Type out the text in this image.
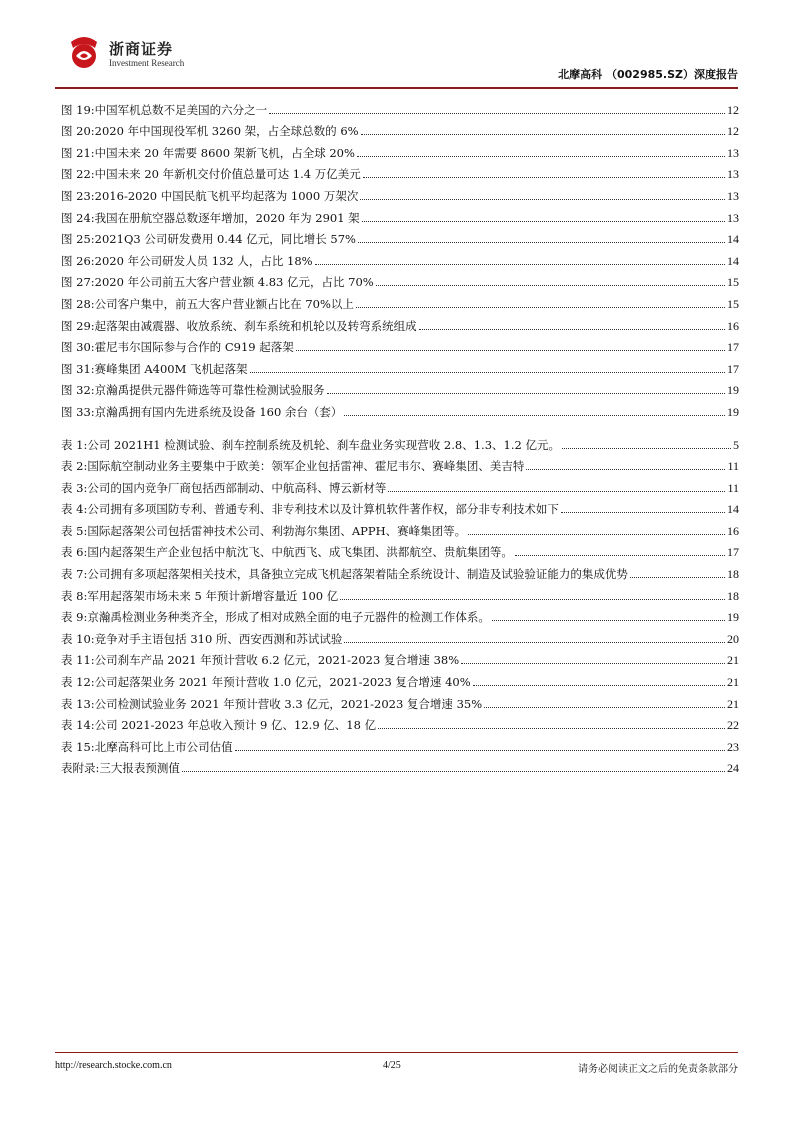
浙商证券
Investment Research
北摩高科 （002985.SZ）深度报告
图 19: 中国军机总数不足美国的六分之一	12
图 20: 2020 年中国现役军机 3260 架，占全球总数的 6%	12
图 21: 中国未来 20 年需要 8600 架新飞机，占全球 20%	13
图 22: 中国未来 20 年新机交付价值总量可达 1.4 万亿美元	13
图 23: 2016-2020 中国民航飞机平均起落为 1000 万架次	13
图 24: 我国在册航空器总数逐年增加，2020 年为 2901 架	13
图 25: 2021Q3 公司研发费用 0.44 亿元，同比增长 57%	14
图 26: 2020 年公司研发人员 132 人，占比 18%	14
图 27: 2020 年公司前五大客户营业额 4.83 亿元，占比 70%	15
图 28: 公司客户集中，前五大客户营业额占比在 70%以上	15
图 29: 起落架由减震器、收放系统、刹车系统和机轮以及转弯系统组成	16
图 30: 霍尼韦尔国际参与合作的 C919 起落架	17
图 31: 赛峰集团 A400M 飞机起落架	17
图 32: 京瀚禹提供元器件筛选等可靠性检测试验服务	19
图 33: 京瀚禹拥有国内先进系统及设备 160 余台（套）	19
表 1: 公司 2021H1 检测试验、刹车控制系统及机轮、刹车盘业务实现营收 2.8、1.3、1.2 亿元。	5
表 2: 国际航空制动业务主要集中于欧美：领军企业包括雷神、霍尼韦尔、赛峰集团、美吉特	11
表 3: 公司的国内竞争厂商包括西部制动、中航高科、博云新材等	11
表 4: 公司拥有多项国防专利、普通专利、非专利技术以及计算机软件著作权，部分非专利技术如下	14
表 5: 国际起落架公司包括雷神技术公司、利勃海尔集团、APPH、赛峰集团等。	16
表 6: 国内起落架生产企业包括中航沈飞、中航西飞、成飞集团、洪都航空、贵航集团等。	17
表 7: 公司拥有多项起落架相关技术，具备独立完成飞机起落架着陆全系统设计、制造及试验验证能力的集成优势	18
表 8: 军用起落架市场未来 5 年预计新增容量近 100 亿	18
表 9: 京瀚禹检测业务种类齐全，形成了相对成熟全面的电子元器件的检测工作体系。	19
表 10: 竞争对手主语包括 310 所、西安西测和苏试试验	20
表 11: 公司刹车产品 2021 年预计营收 6.2 亿元，2021-2023 复合增速 38%	21
表 12: 公司起落架业务 2021 年预计营收 1.0 亿元，2021-2023 复合增速 40%	21
表 13: 公司检测试验业务 2021 年预计营收 3.3 亿元，2021-2023 复合增速 35%	21
表 14: 公司 2021-2023 年总收入预计 9 亿、12.9 亿、18 亿	22
表 15: 北摩高科可比上市公司估值	23
表附录: 三大报表预测值	24
http://research.stocke.com.cn	4/25	请务必阅读正文之后的免责条款部分
